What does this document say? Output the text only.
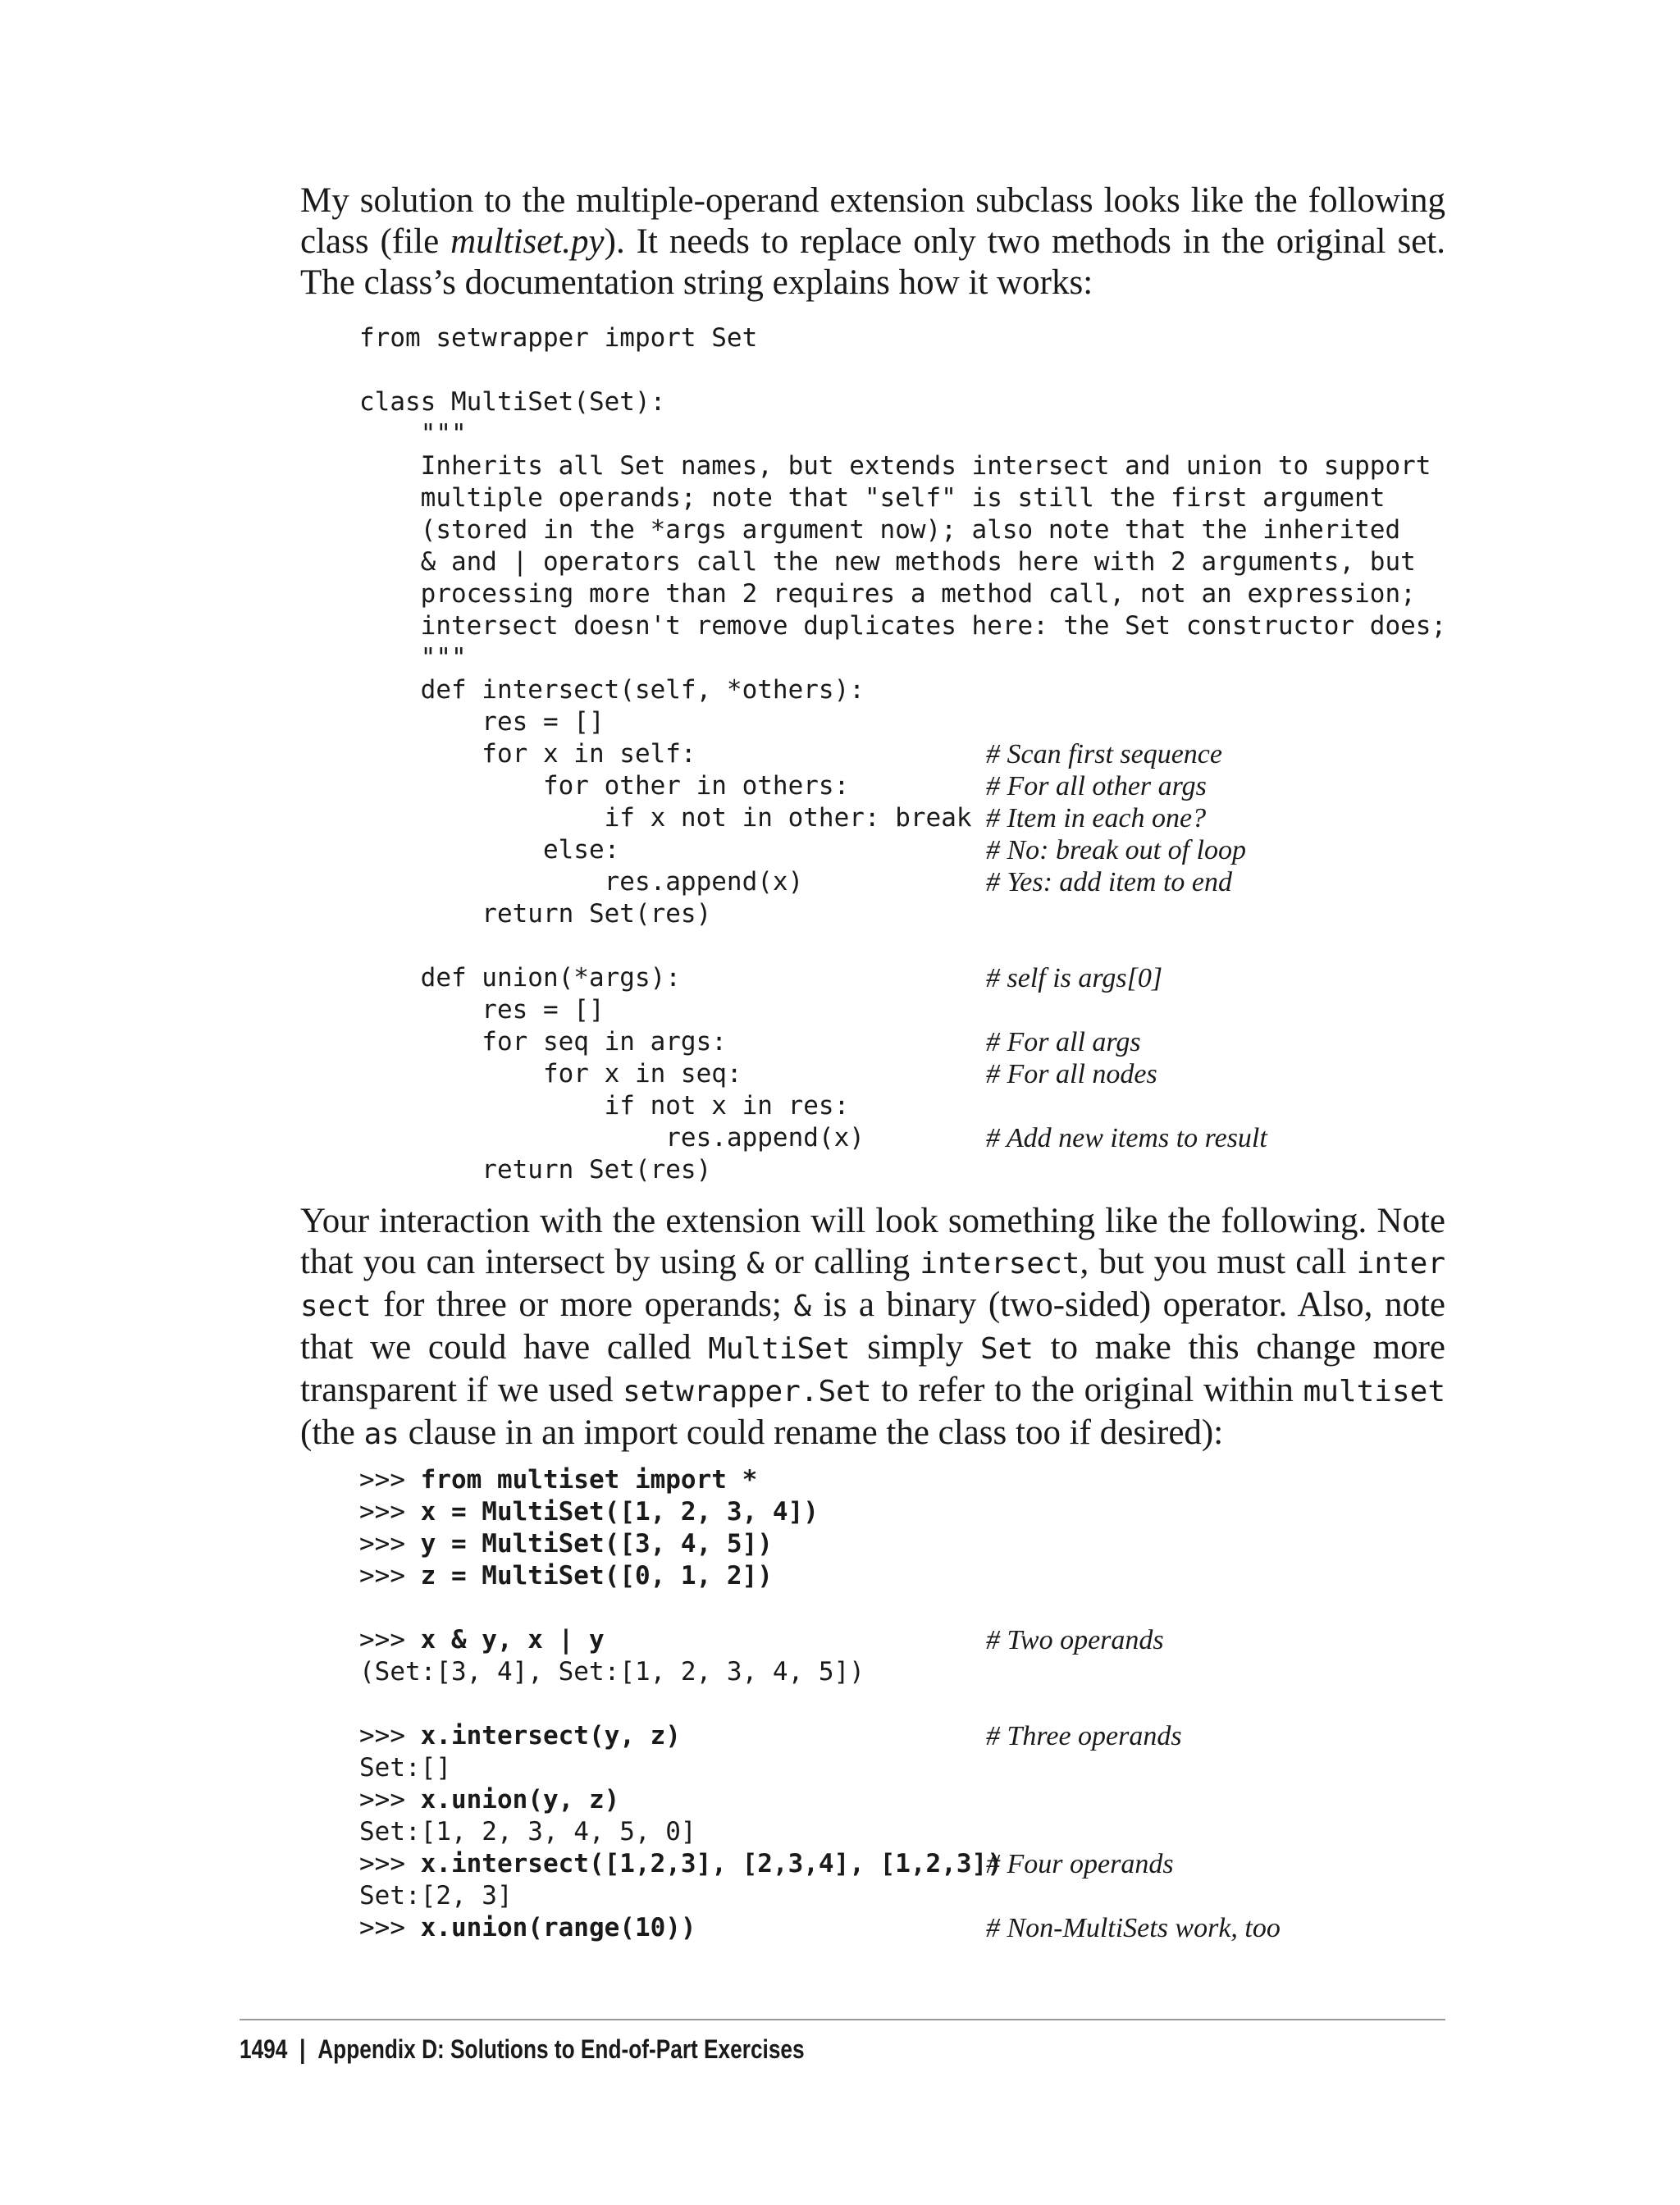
My solution to the multiple-operand extension subclass looks like the following class (file multiset.py). It needs to replace only two methods in the original set. The class’s documentation string explains how it works:

from setwrapper import Set
class MultiSet(Set):
"""
Inherits all Set names, but extends intersect and union to support
multiple operands; note that "self" is still the first argument
(stored in the *args argument now); also note that the inherited
& and | operators call the new methods here with 2 arguments, but
processing more than 2 requires a method call, not an expression;
intersect doesn't remove duplicates here: the Set constructor does;
"""
def intersect(self, *others):
res = []
for x in self:	# Scan first sequence
for other in others:	# For all other args
if x not in other: break # Item in each one?
else:	# No: break out of loop
res.append(x)	# Yes: add item to end
return Set(res)
def union(*args):	# self is args[0]
res = []
for seq in args:	# For all args
for x in seq:	# For all nodes
if not x in res:
res.append(x)	# Add new items to result
return Set(res)

Your interaction with the extension will look something like the following. Note that you can intersect by using & or calling intersect, but you must call inter sect for three or more operands; & is a binary (two-sided) operator. Also, note that we could have called MultiSet simply Set to make this change more transparent if we used setwrapper.Set to refer to the original within multiset (the as clause in an import could rename the class too if desired):

>>> from multiset import *
>>> x = MultiSet([1, 2, 3, 4])
>>> y = MultiSet([3, 4, 5])
>>> z = MultiSet([0, 1, 2])
>>> x & y, x | y	# Two operands
(Set:[3, 4], Set:[1, 2, 3, 4, 5])
>>> x.intersect(y, z)	# Three operands
Set:[]
>>> x.union(y, z)
Set:[1, 2, 3, 4, 5, 0]
>>> x.intersect([1,2,3], [2,3,4], [1,2,3])
# Four operands
Set:[2, 3]
>>> x.union(range(10))	# Non-MultiSets work, too
1494 | Appendix D: Solutions to End-of-Part Exercises
